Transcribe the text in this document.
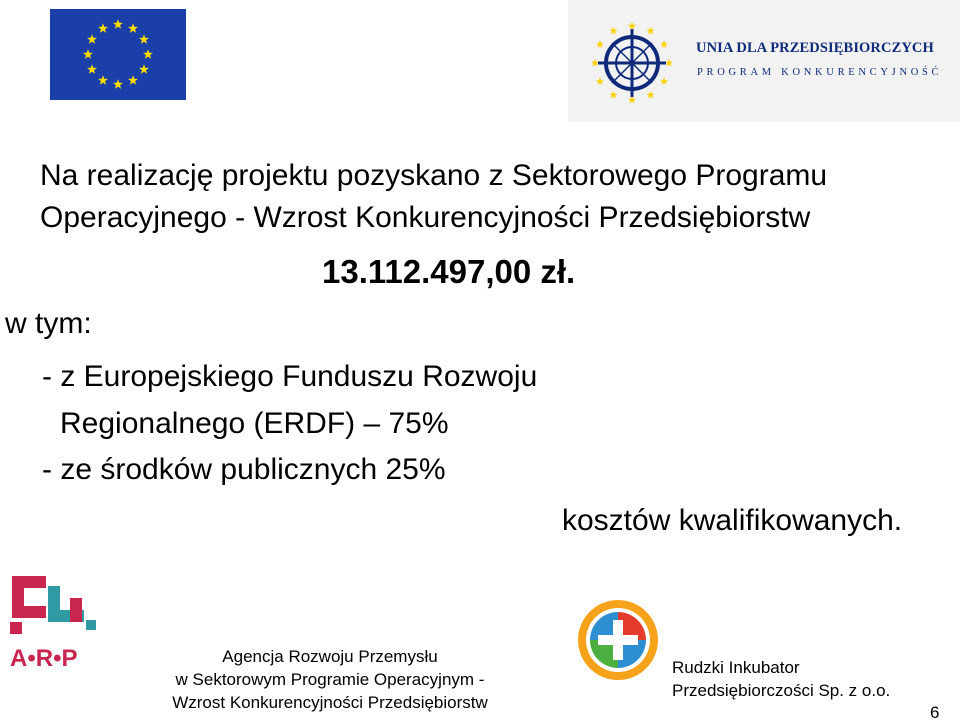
UNIA DLA PRZEDSIĘBIORCZYCH
PROGRAM KONKURENCYJNOŚĆ
Na realizację projektu pozyskano z Sektorowego Programu
Operacyjnego - Wzrost Konkurencyjności Przedsiębiorstw
13.112.497,00 zł.
w tym:
- z Europejskiego Funduszu Rozwoju
Regionalnego (ERDF) – 75%
- ze środków publicznych 25%
kosztów kwalifikowanych.
A•R•P	Agencja Rozwoju Przemysłu
w Sektorowym Programie Operacyjnym -
Wzrost Konkurencyjności Przedsiębiorstw
Rudzki Inkubator
Przedsiębiorczości Sp. z o.o.
6
